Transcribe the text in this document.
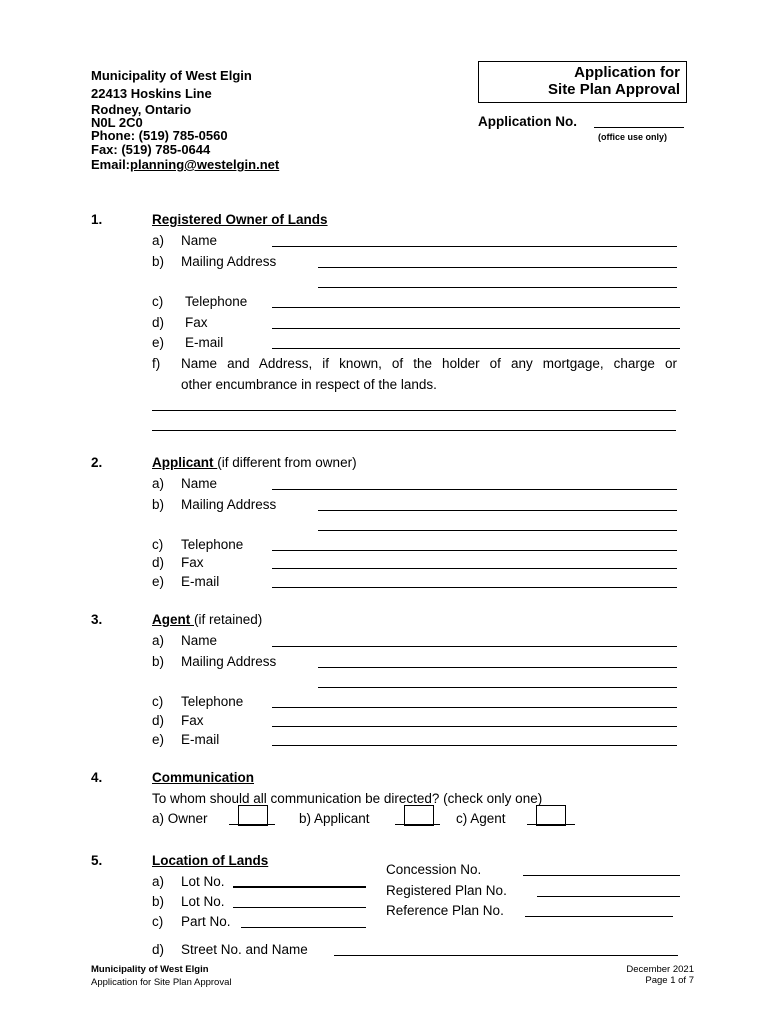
Municipality of West Elgin
22413 Hoskins Line
Rodney, Ontario
N0L 2C0
Phone: (519) 785-0560
Fax: (519) 785-0644
Email:planning@westelgin.net
Application for
Site Plan Approval
Application No.
(office use only)
1.	Registered Owner of Lands
a) Name
b) Mailing Address
c) Telephone
d) Fax
e) E-mail
f) Name and Address, if known, of the holder of any mortgage, charge or
other encumbrance in respect of the lands.
2.	Applicant (if different from owner)
a) Name
b) Mailing Address
c) Telephone
d) Fax
e) E-mail
3.	Agent (if retained)
a) Name
b) Mailing Address
c) Telephone
d) Fax
e) E-mail
4.	Communication
To whom should all communication be directed? (check only one)
a) Owner	b) Applicant	c) Agent
5.	Location of Lands
a) Lot No.
b) Lot No.
c) Part No.
Concession No.
Registered Plan No.
Reference Plan No.
d) Street No. and Name
Municipality of West Elgin
Application for Site Plan Approval
December 2021
Page 1 of 7
